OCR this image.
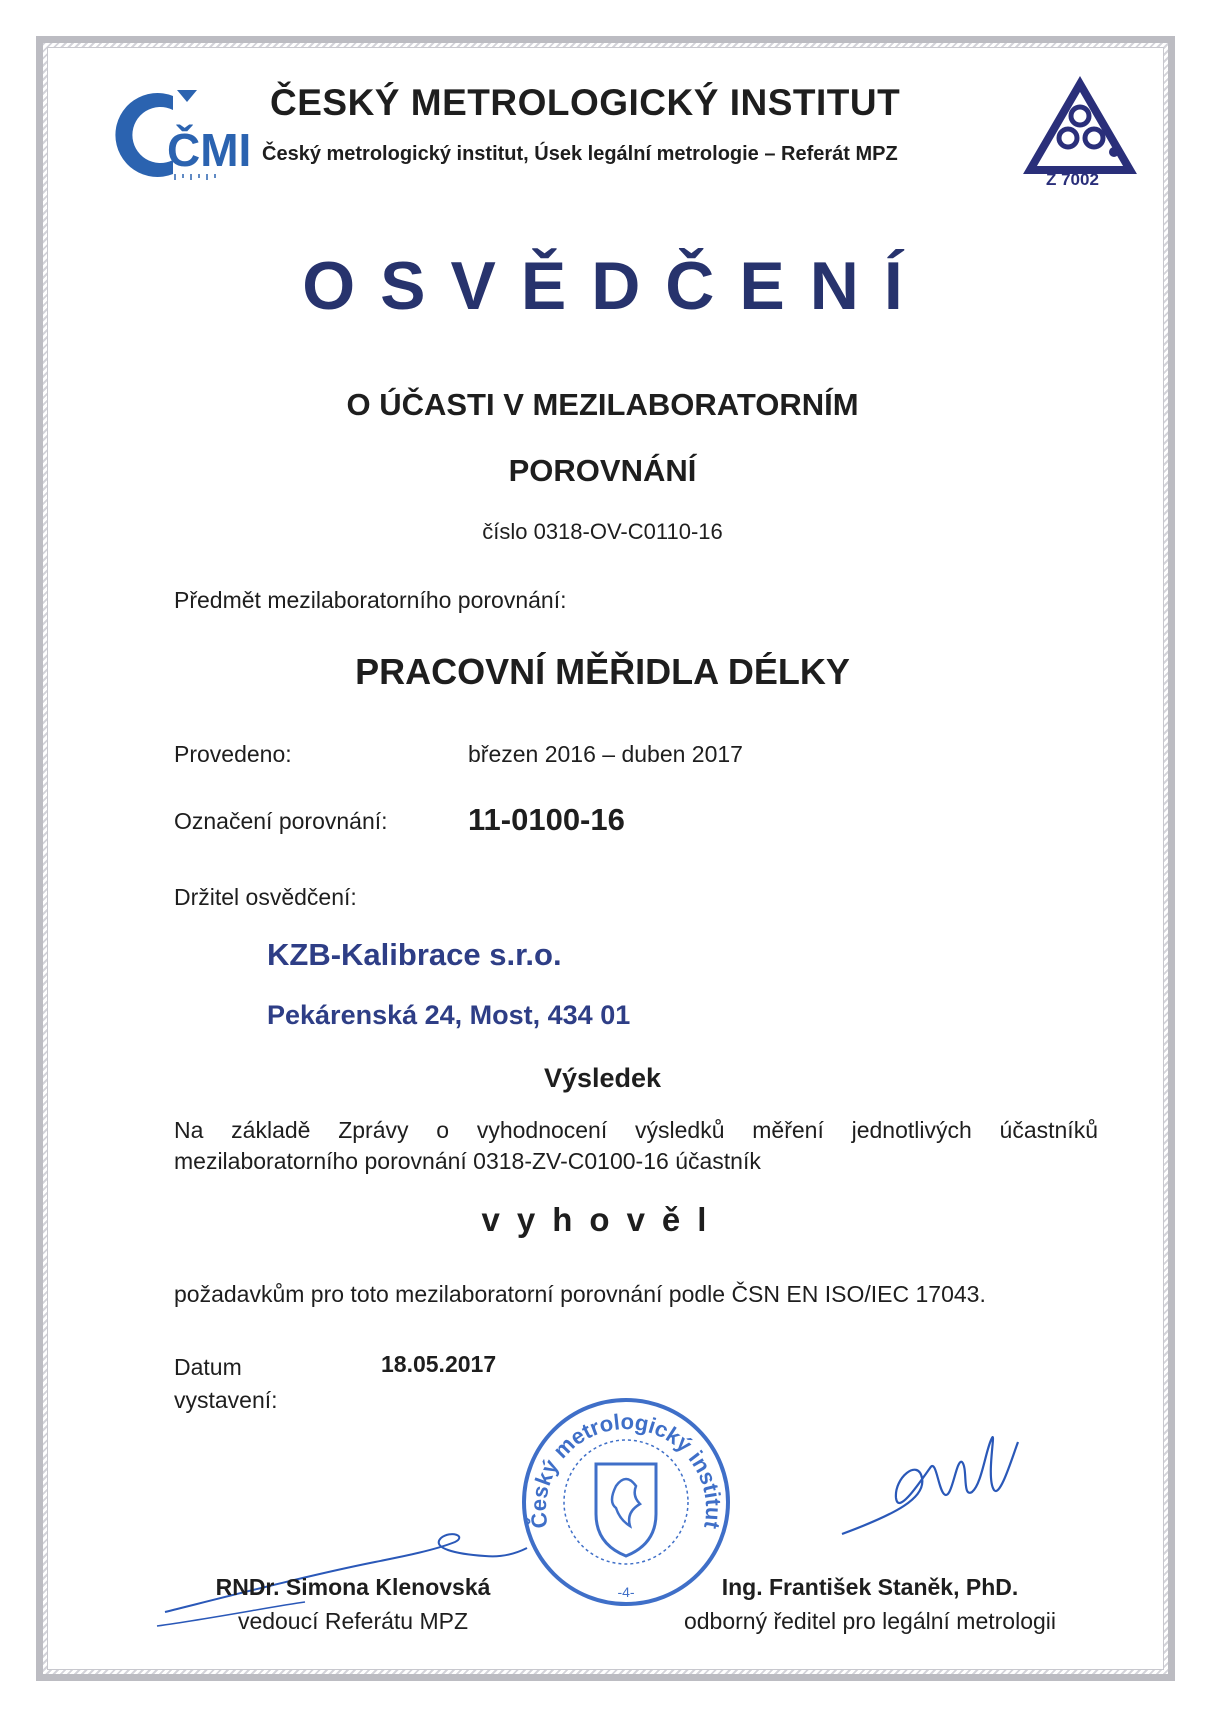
ČMI

ČESKÝ METROLOGICKÝ INSTITUT

Český metrologický institut, Úsek legální metrologie – Referát MPZ

Z 7002

OSVĚDČENÍ

O ÚČASTI V MEZILABORATORNÍM

POROVNÁNÍ

číslo 0318-OV-C0110-16

Předmět mezilaboratorního porovnání:

PRACOVNÍ MĚŘIDLA DÉLKY

Provedeno:	březen 2016 – duben 2017

Označení porovnání:	11-0100-16

Držitel osvědčení:

KZB-Kalibrace s.r.o.

Pekárenská 24, Most, 434 01

Výsledek

Na základě Zprávy o vyhodnocení výsledků měření jednotlivých účastníků mezilaboratorního porovnání 0318-ZV-C0100-16 účastník

vyhověl

požadavkům pro toto mezilaboratorní porovnání podle ČSN EN ISO/IEC 17043.

Datum vystavení:

18.05.2017

Český metrologický institut
-4-

RNDr. Simona Klenovská

vedoucí Referátu MPZ

Ing. František Staněk, PhD.

odborný ředitel pro legální metrologii
